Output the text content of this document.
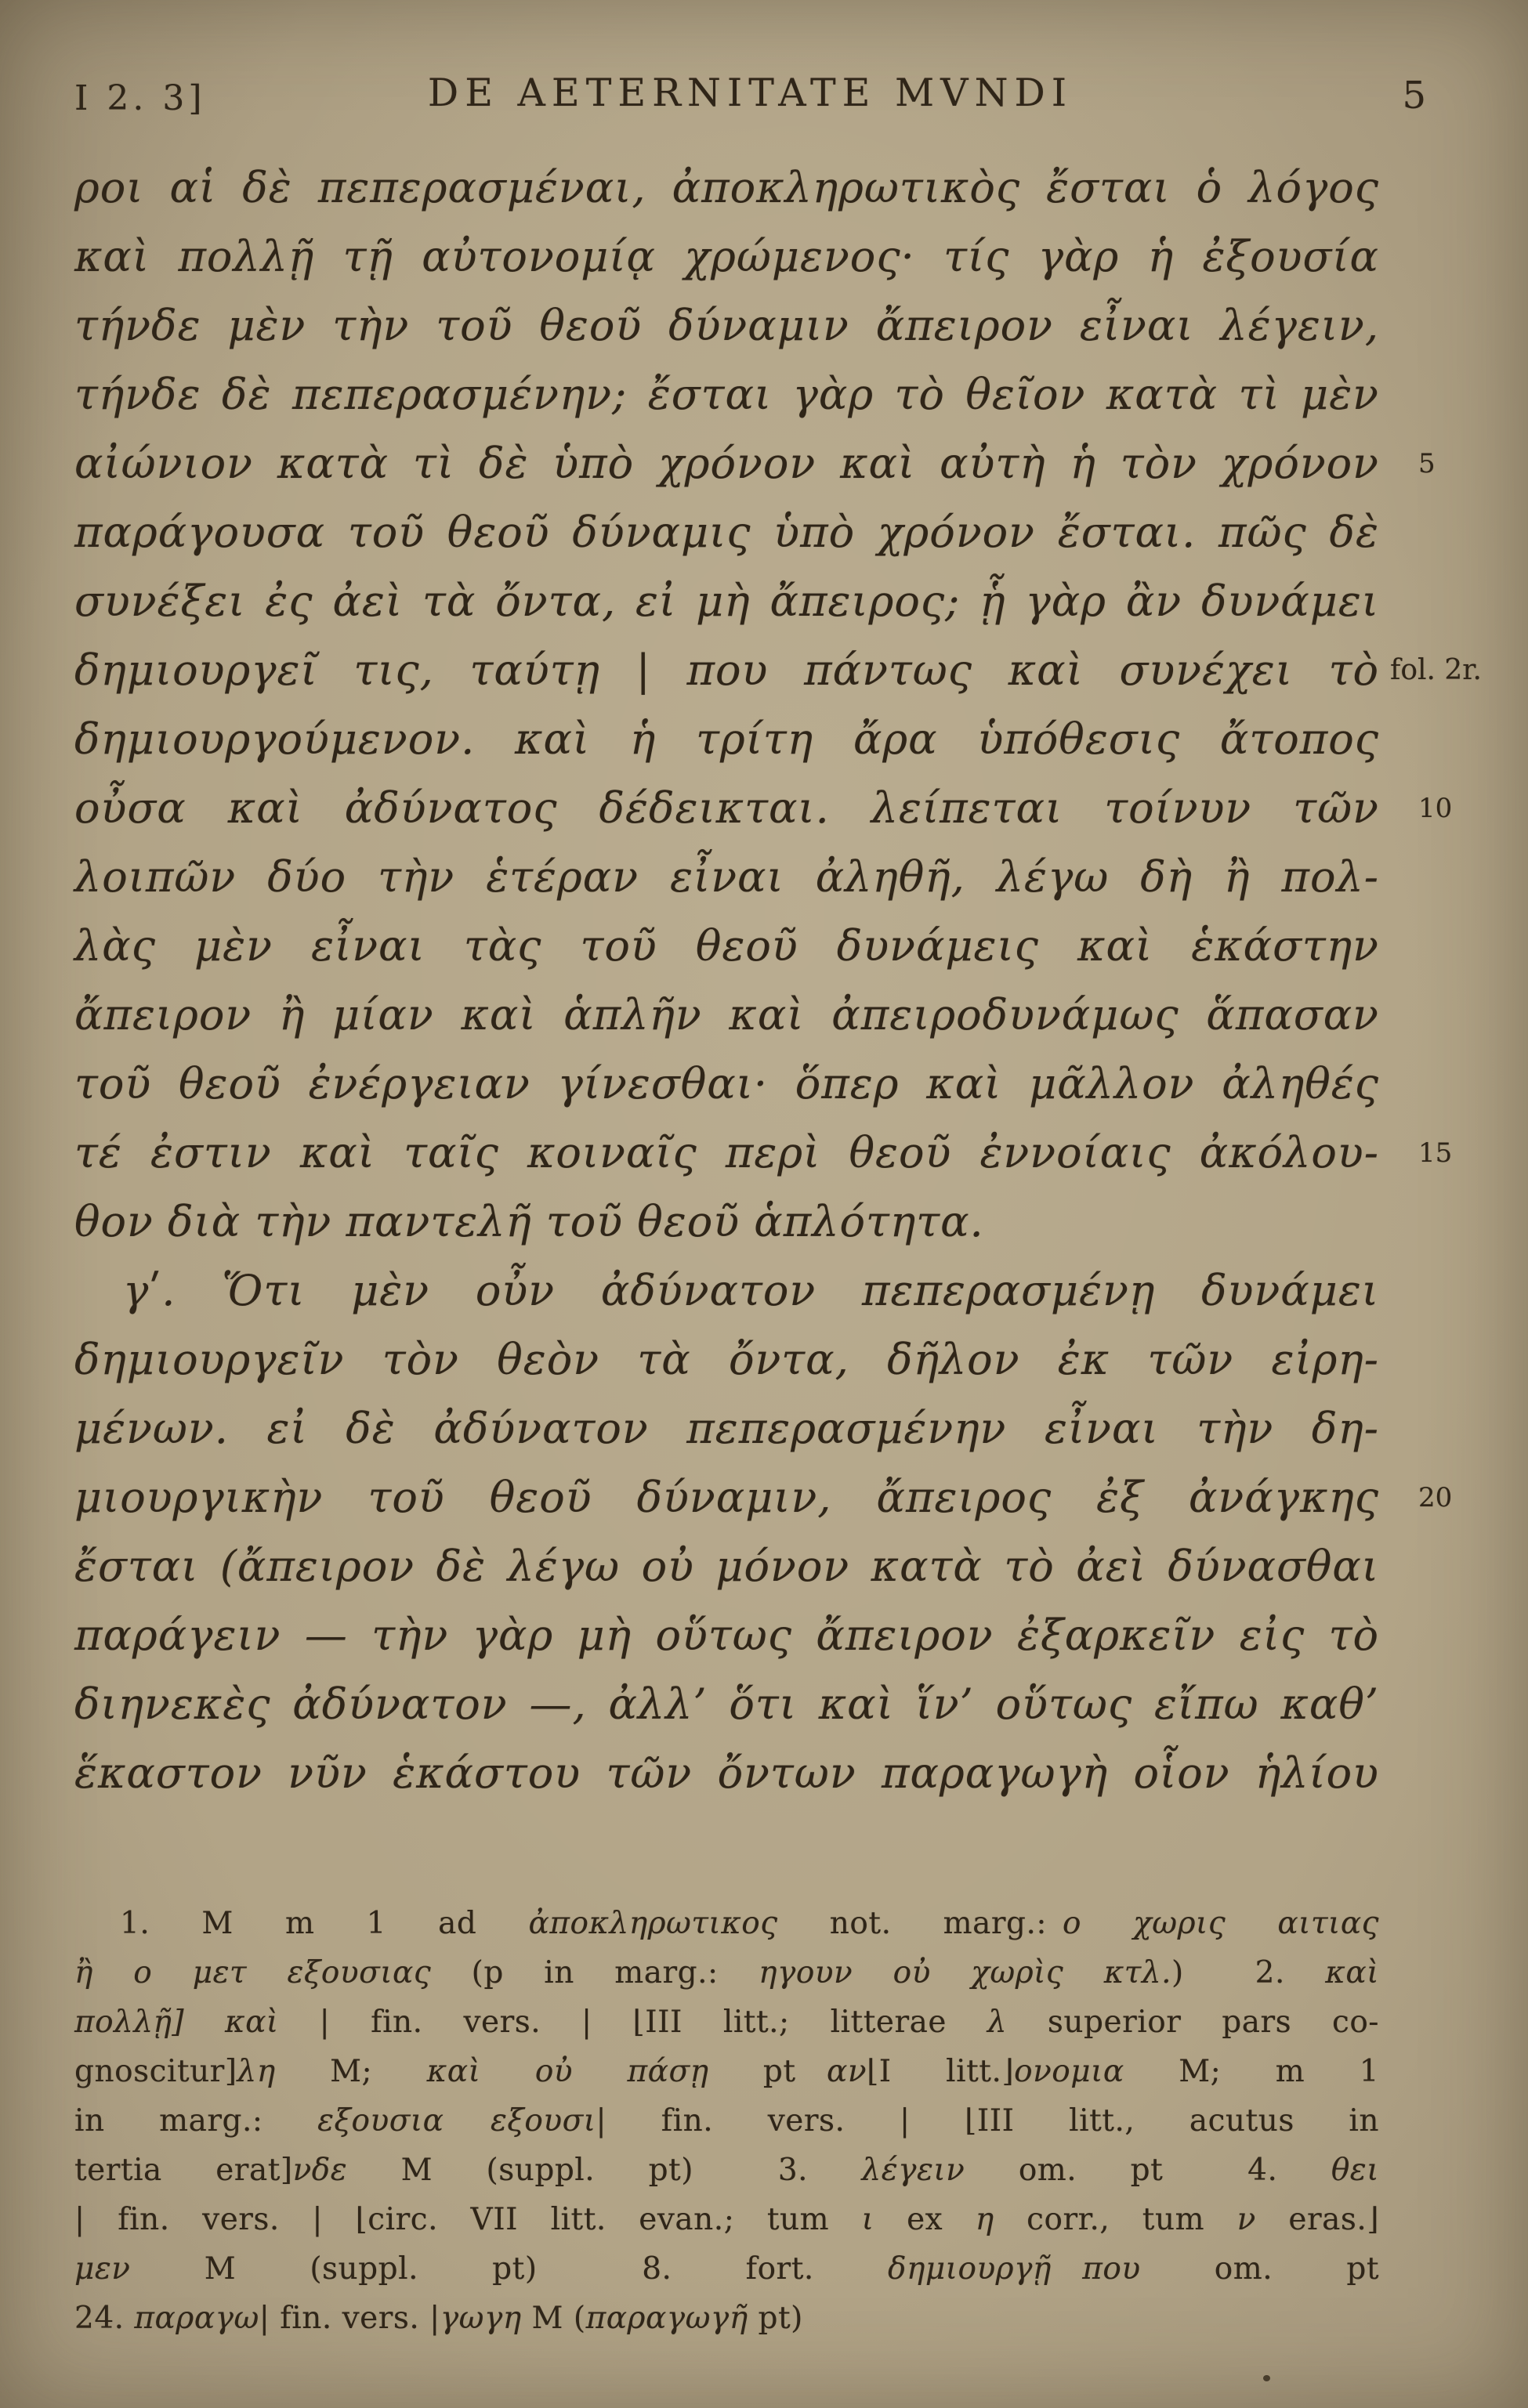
I 2. 3]	DE AETERNITATE MVNDI	5
ροι αἱ δὲ πεπερασμέναι, ἀποκληρωτικὸς ἔσται ὁ λόγος
καὶ πολλῇ τῇ αὐτονομίᾳ χρώμενος· τίς γὰρ ἡ ἐξουσία
τήνδε μὲν τὴν τοῦ θεοῦ δύναμιν ἄπειρον εἶναι λέγειν,
τήνδε δὲ πεπερασμένην; ἔσται γὰρ τὸ θεῖον κατὰ τὶ μὲν
αἰώνιον κατὰ τὶ δὲ ὑπὸ χρόνον καὶ αὐτὴ ἡ τὸν χρόνον 5
παράγουσα τοῦ θεοῦ δύναμις ὑπὸ χρόνον ἔσται. πῶς δὲ
συνέξει ἐς ἀεὶ τὰ ὄντα, εἰ μὴ ἄπειρος; ᾗ γὰρ ἂν δυνάμει
δημιουργεῖ τις, ταύτῃ | που πάντως καὶ συνέχει τὸ fol. 2r.
δημιουργούμενον. καὶ ἡ τρίτη ἄρα ὑπόθεσις ἄτοπος
οὖσα καὶ ἀδύνατος δέδεικται. λείπεται τοίνυν τῶν 10
λοιπῶν δύο τὴν ἑτέραν εἶναι ἀληθῆ, λέγω δὴ ἢ πολ-
λὰς μὲν εἶναι τὰς τοῦ θεοῦ δυνάμεις καὶ ἑκάστην
ἄπειρον ἢ μίαν καὶ ἁπλῆν καὶ ἀπειροδυνάμως ἅπασαν
τοῦ θεοῦ ἐνέργειαν γίνεσθαι· ὅπερ καὶ μᾶλλον ἀληθές
τέ ἐστιν καὶ ταῖς κοιναῖς περὶ θεοῦ ἐννοίαις ἀκόλου- 15
θον διὰ τὴν παντελῆ τοῦ θεοῦ ἁπλότητα.
γʹ. Ὅτι μὲν οὖν ἀδύνατον πεπερασμένῃ δυνάμει
δημιουργεῖν τὸν θεὸν τὰ ὄντα, δῆλον ἐκ τῶν εἰρη-
μένων. εἰ δὲ ἀδύνατον πεπερασμένην εἶναι τὴν δη-
μιουργικὴν τοῦ θεοῦ δύναμιν, ἄπειρος ἐξ ἀνάγκης 20
ἔσται (ἄπειρον δὲ λέγω οὐ μόνον κατὰ τὸ ἀεὶ δύνασθαι
παράγειν — τὴν γὰρ μὴ οὕτως ἄπειρον ἐξαρκεῖν εἰς τὸ
διηνεκὲς ἀδύνατον —, ἀλλ’ ὅτι καὶ ἵν’ οὕτως εἴπω καθ’
ἕκαστον νῦν ἑκάστου τῶν ὄντων παραγωγὴ οἷον ἡλίου
1. M m 1 ad ἀποκληρωτικος not. marg.: ο χωρις αιτιας
ἢ ο μετ εξουσιας (p in marg.: ηγουν οὐ χωρὶς κτλ.)  2. καὶ
πολλῇ] καὶ | fin. vers. | ⌊III litt.; litterae λ superior pars co-
gnoscitur]λη M; καὶ οὐ πάσῃ pt αν⌊I litt.⌋ονομια M; m 1
in marg.: εξουσια   εξουσι| fin. vers. | ⌊III litt., acutus in
tertia erat]νδε M (suppl. pt)  3. λέγειν om. pt  4. θει
| fin. vers. | ⌊circ. VII litt. evan.; tum ι ex η corr., tum ν eras.⌋
μεν M (suppl. pt)  8. fort. δημιουργῇ  που om. pt
24. παραγω| fin. vers. |γωγη M (παραγωγῆ pt)
